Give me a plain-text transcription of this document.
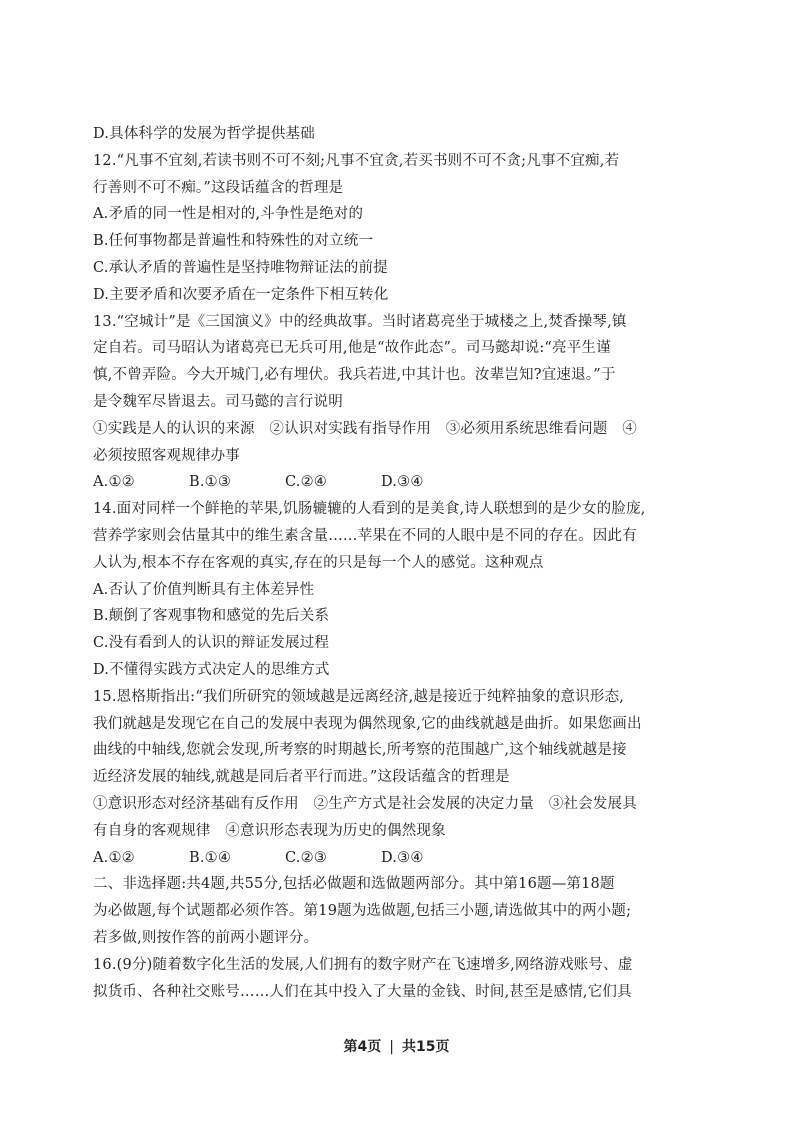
D.具体科学的发展为哲学提供基础
12.“凡事不宜刻,若读书则不可不刻;凡事不宜贪,若买书则不可不贪;凡事不宜痴,若
行善则不可不痴。”这段话蕴含的哲理是
A.矛盾的同一性是相对的,斗争性是绝对的
B.任何事物都是普遍性和特殊性的对立统一
C.承认矛盾的普遍性是坚持唯物辩证法的前提
D.主要矛盾和次要矛盾在一定条件下相互转化
13.“空城计”是《三国演义》中的经典故事。当时诸葛亮坐于城楼之上,焚香操琴,镇
定自若。司马昭认为诸葛亮已无兵可用,他是“故作此态”。司马懿却说:“亮平生谨
慎,不曾弄险。今大开城门,必有埋伏。我兵若进,中其计也。汝辈岂知?宜速退。”于
是令魏军尽皆退去。司马懿的言行说明
①实践是人的认识的来源　②认识对实践有指导作用　③必须用系统思维看问题　④
必须按照客观规律办事
A.①②	B.①③	C.②④	D.③④
14.面对同样一个鲜艳的苹果,饥肠辘辘的人看到的是美食,诗人联想到的是少女的脸庞,
营养学家则会估量其中的维生素含量……苹果在不同的人眼中是不同的存在。因此有
人认为,根本不存在客观的真实,存在的只是每一个人的感觉。这种观点
A.否认了价值判断具有主体差异性
B.颠倒了客观事物和感觉的先后关系
C.没有看到人的认识的辩证发展过程
D.不懂得实践方式决定人的思维方式
15.恩格斯指出:“我们所研究的领域越是远离经济,越是接近于纯粹抽象的意识形态,
我们就越是发现它在自己的发展中表现为偶然现象,它的曲线就越是曲折。如果您画出
曲线的中轴线,您就会发现,所考察的时期越长,所考察的范围越广,这个轴线就越是接
近经济发展的轴线,就越是同后者平行而进。”这段话蕴含的哲理是
①意识形态对经济基础有反作用　②生产方式是社会发展的决定力量　③社会发展具
有自身的客观规律　④意识形态表现为历史的偶然现象
A.①②	B.①④	C.②③	D.③④
二、非选择题:共4题,共55分,包括必做题和选做题两部分。其中第16题—第18题
为必做题,每个试题都必须作答。第19题为选做题,包括三小题,请选做其中的两小题;
若多做,则按作答的前两小题评分。
16.(9分)随着数字化生活的发展,人们拥有的数字财产在飞速增多,网络游戏账号、虚
拟货币、各种社交账号……人们在其中投入了大量的金钱、时间,甚至是感情,它们具
第4页 | 共15页
